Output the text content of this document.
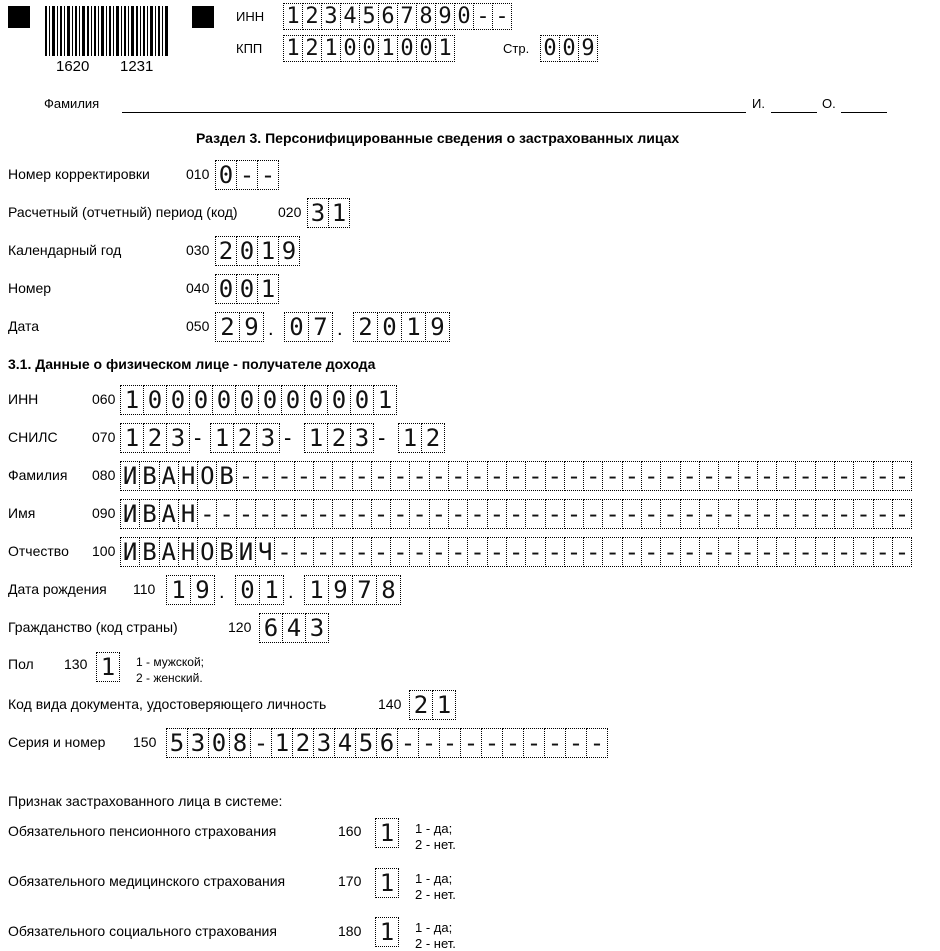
1620 1231
ИНН 1 2 3 4 5 6 7 8 9 0 - -
КПП 1 2 1 0 0 1 0 0 1	Стр. 0 0 9
Фамилия	И.	О.
Раздел 3. Персонифицированные сведения о застрахованных лицах
Номер корректировки	010 0 - -
Расчетный (отчетный) период (код)	020 3 1
Календарный год	030 2 0 1 9
Номер	040 0 0 1
Дата	050 2 9 . 0 7 . 2 0 1 9
3.1. Данные о физическом лице - получателе дохода
ИНН	060 1 0 0 0 0 0 0 0 0 0 0 1
СНИЛС 070 1 2 3 - 1 2 3 - 1 2 3 - 1 2
Фамилия 080 И В А Н О В - - - - - - - - - - - - - - - - - - - - - - - - - - - - - - - - - - -
Имя	090 И В А Н - - - - - - - - - - - - - - - - - - - - - - - - - - - - - - - - - - - - -
Отчество 100 И В А Н О В И Ч - - - - - - - - - - - - - - - - - - - - - - - - - - - - - - - - -
Дата рождения 110 1 9 . 0 1 . 1 9 7 8
Гражданство (код страны)	120 6 4 3
Пол 130 1	1 - мужской;
2 - женский.
Код вида документа, удостоверяющего личность	140 2 1
Серия и номер 150 5 3 0 8 - 1 2 3 4 5 6 - - - - - - - - - -
Признак застрахованного лица в системе:
Обязательного пенсионного страхования	160 1	1 - да;
2 - нет.
Обязательного медицинского страхования	170 1	1 - да;
2 - нет.
Обязательного социального страхования	180 1	1 - да;
2 - нет.
